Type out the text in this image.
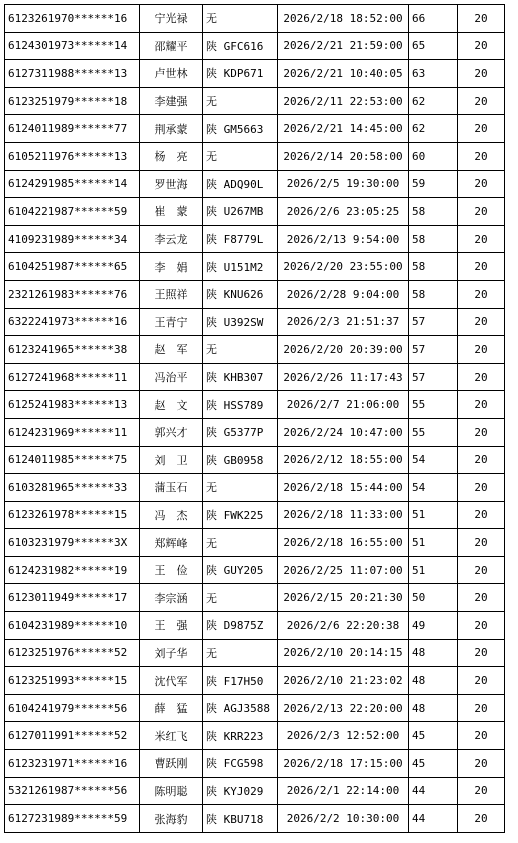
6123261970******16	宁光禄	无	2026/2/18 18:52:00	66	20
6124301973******14	邵耀平	陕 GFC616	2026/2/21 21:59:00	65	20
6127311988******13	卢世林	陕 KDP671	2026/2/21 10:40:05	63	20
6123251979******18	李建强	无	2026/2/11 22:53:00	62	20
6124011989******77	荆承蒙	陕 GM5663	2026/2/21 14:45:00	62	20
6105211976******13	杨　亮	无	2026/2/14 20:58:00	60	20
6124291985******14	罗世海	陕 ADQ90L	2026/2/5 19:30:00	59	20
6104221987******59	崔　蒙	陕 U267MB	2026/2/6 23:05:25	58	20
4109231989******34	李云龙	陕 F8779L	2026/2/13 9:54:00	58	20
6104251987******65	李　娟	陕 U151M2	2026/2/20 23:55:00	58	20
2321261983******76	王照祥	陕 KNU626	2026/2/28 9:04:00	58	20
6322241973******16	王青宁	陕 U392SW	2026/2/3 21:51:37	57	20
6123241965******38	赵　军	无	2026/2/20 20:39:00	57	20
6127241968******11	冯治平	陕 KHB307	2026/2/26 11:17:43	57	20
6125241983******13	赵　文	陕 HSS789	2026/2/7 21:06:00	55	20
6124231969******11	郭兴才	陕 G5377P	2026/2/24 10:47:00	55	20
6124011985******75	刘　卫	陕 GB0958	2026/2/12 18:55:00	54	20
6103281965******33	蒲玉石	无	2026/2/18 15:44:00	54	20
6123261978******15	冯　杰	陕 FWK225	2026/2/18 11:33:00	51	20
6103231979******3X	郑辉峰	无	2026/2/18 16:55:00	51	20
6124231982******19	王　俭	陕 GUY205	2026/2/25 11:07:00	51	20
6123011949******17	李宗涵	无	2026/2/15 20:21:30	50	20
6104231989******10	王　强	陕 D9875Z	2026/2/6 22:20:38	49	20
6123251976******52	刘子华	无	2026/2/10 20:14:15	48	20
6123251993******15	沈代军	陕 F17H50	2026/2/10 21:23:02	48	20
6104241979******56	薛　猛	陕 AGJ3588	2026/2/13 22:20:00	48	20
6127011991******52	米红飞	陕 KRR223	2026/2/3 12:52:00	45	20
6123231971******16	曹跃刚	陕 FCG598	2026/2/18 17:15:00	45	20
5321261987******56	陈明聪	陕 KYJ029	2026/2/1 22:14:00	44	20
6127231989******59	张海豹	陕 KBU718	2026/2/2 10:30:00	44	20
